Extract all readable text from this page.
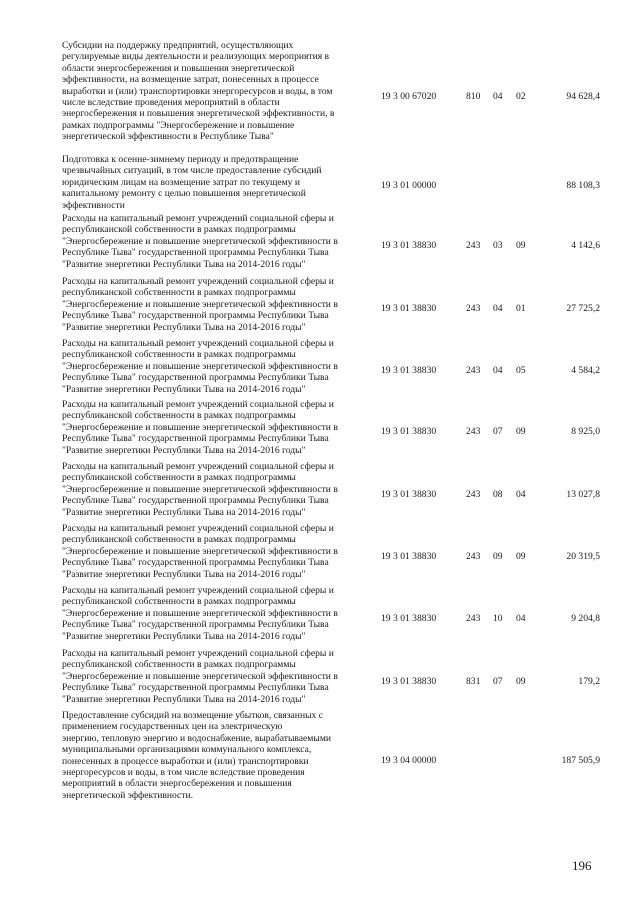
Субсидии на поддержку предприятий, осуществляющих
регулируемые виды деятельности и реализующих мероприятия в
области энергосбережения и повышения энергетической
эффективности, на возмещение затрат, понесенных в процессе
выработки и (или) транспортировки энергоресурсов и воды, в том
числе вследствие проведения мероприятий в области
энергосбережения и повышения энергетической эффективности, в
рамках подпрограммы "Энергосбережение и повышение
энергетической эффективности в Республике Тыва"

19 3 00 67020	810 04 02	94 628,4

Подготовка к осенне-зимнему периоду и предотвращение
чрезвычайных ситуаций, в том числе предоставление субсидий
юридическим лицам на возмещение затрат по текущему и
капитальному ремонту с целью повышения энергетической
эффективности

19 3 01 00000	88 108,3

Расходы на капитальный ремонт учреждений социальной сферы и
республиканской собственности в рамках подпрограммы
"Энергосбережение и повышение энергетической эффективности в
Республике Тыва" государственной программы Республики Тыва
"Развитие энергетики Республики Тыва на 2014-2016 годы"

19 3 01 38830	243 03 09	4 142,6

Расходы на капитальный ремонт учреждений социальной сферы и
республиканской собственности в рамках подпрограммы
"Энергосбережение и повышение энергетической эффективности в
Республике Тыва" государственной программы Республики Тыва
"Развитие энергетики Республики Тыва на 2014-2016 годы"

19 3 01 38830	243 04 01	27 725,2

Расходы на капитальный ремонт учреждений социальной сферы и
республиканской собственности в рамках подпрограммы
"Энергосбережение и повышение энергетической эффективности в
Республике Тыва" государственной программы Республики Тыва
"Развитие энергетики Республики Тыва на 2014-2016 годы"

19 3 01 38830	243 04 05	4 584,2

Расходы на капитальный ремонт учреждений социальной сферы и
республиканской собственности в рамках подпрограммы
"Энергосбережение и повышение энергетической эффективности в
Республике Тыва" государственной программы Республики Тыва
"Развитие энергетики Республики Тыва на 2014-2016 годы"

19 3 01 38830	243 07 09	8 925,0

Расходы на капитальный ремонт учреждений социальной сферы и
республиканской собственности в рамках подпрограммы
"Энергосбережение и повышение энергетической эффективности в
Республике Тыва" государственной программы Республики Тыва
"Развитие энергетики Республики Тыва на 2014-2016 годы"

19 3 01 38830	243 08 04	13 027,8

Расходы на капитальный ремонт учреждений социальной сферы и
республиканской собственности в рамках подпрограммы
"Энергосбережение и повышение энергетической эффективности в
Республике Тыва" государственной программы Республики Тыва
"Развитие энергетики Республики Тыва на 2014-2016 годы"

19 3 01 38830	243 09 09	20 319,5

Расходы на капитальный ремонт учреждений социальной сферы и
республиканской собственности в рамках подпрограммы
"Энергосбережение и повышение энергетической эффективности в
Республике Тыва" государственной программы Республики Тыва
"Развитие энергетики Республики Тыва на 2014-2016 годы"

19 3 01 38830	243 10 04	9 204,8

Расходы на капитальный ремонт учреждений социальной сферы и
республиканской собственности в рамках подпрограммы
"Энергосбережение и повышение энергетической эффективности в
Республике Тыва" государственной программы Республики Тыва
"Развитие энергетики Республики Тыва на 2014-2016 годы"

19 3 01 38830	831 07 09	179,2

Предоставление субсидий на возмещение убытков, связанных с
применением государственных цен на электрическую
энергию, тепловую энергию и водоснабжение, вырабатываемыми
муниципальными организациями коммунального комплекса,
понесенных в процессе выработки и (или) транспортировки
энергоресурсов и воды, в том числе вследствие проведения
мероприятий в области энергосбережения и повышения
энергетической эффективности.

19 3 04 00000	187 505,9
196
